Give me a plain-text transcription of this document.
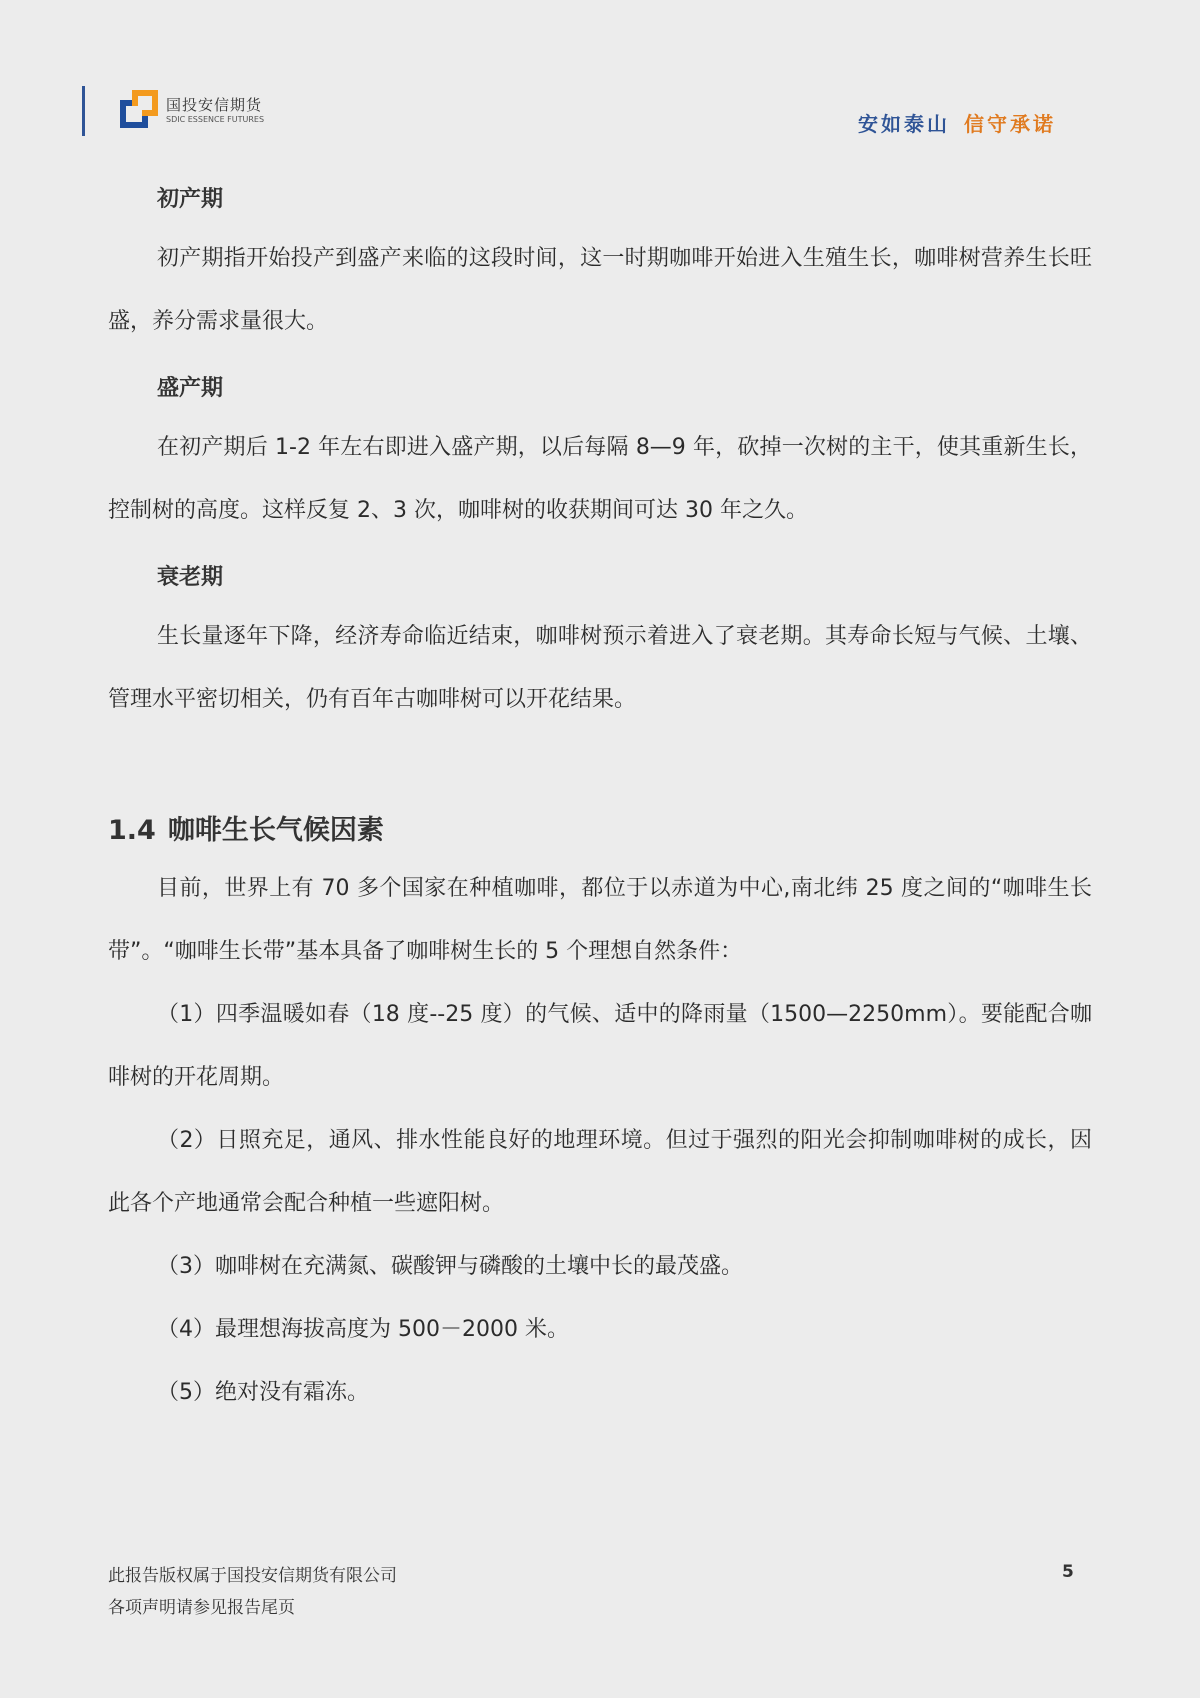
国投安信期货
SDIC ESSENCE FUTURES	安如泰山 信守承诺
初产期
初产期指开始投产到盛产来临的这段时间，这一时期咖啡开始进入生殖生长，咖啡树营养生长旺盛，养分需求量很大。
盛产期
在初产期后 1-2 年左右即进入盛产期，以后每隔 8—9 年，砍掉一次树的主干，使其重新生长，控制树的高度。这样反复 2、3 次，咖啡树的收获期间可达 30 年之久。
衰老期
生长量逐年下降，经济寿命临近结束，咖啡树预示着进入了衰老期。其寿命长短与气候、土壤、管理水平密切相关，仍有百年古咖啡树可以开花结果。
1.4 咖啡生长气候因素
目前，世界上有 70 多个国家在种植咖啡，都位于以赤道为中心,南北纬 25 度之间的“咖啡生长带”。“咖啡生长带”基本具备了咖啡树生长的 5 个理想自然条件：
（1）四季温暖如春（18 度--25 度）的气候、适中的降雨量（1500—2250mm）。要能配合咖啡树的开花周期。
（2）日照充足，通风、排水性能良好的地理环境。但过于强烈的阳光会抑制咖啡树的成长，因此各个产地通常会配合种植一些遮阳树。
（3）咖啡树在充满氮、碳酸钾与磷酸的土壤中长的最茂盛。
（4）最理想海拔高度为 500－2000 米。
（5）绝对没有霜冻。
此报告版权属于国投安信期货有限公司
各项声明请参见报告尾页
5
